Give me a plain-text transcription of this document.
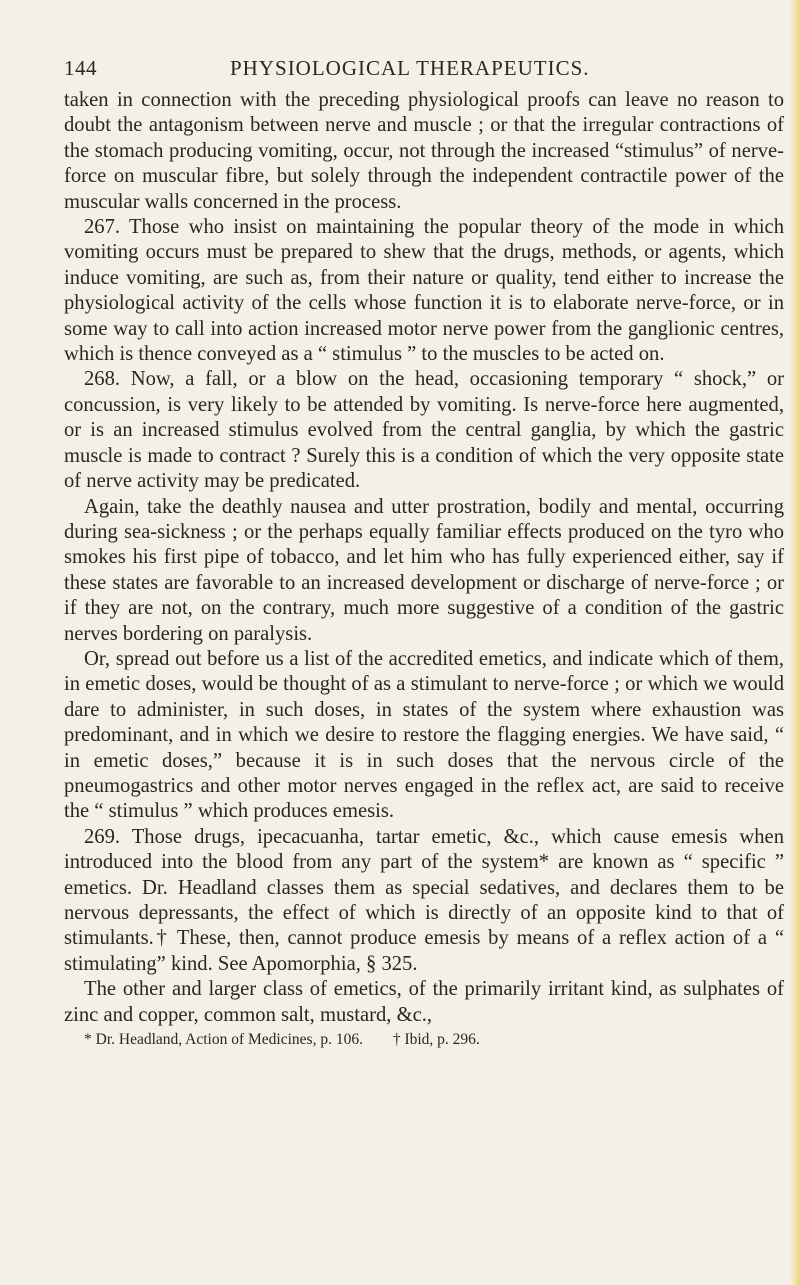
144	PHYSIOLOGICAL THERAPEUTICS.

taken in connection with the preceding physiological proofs can leave no reason to doubt the antagonism between nerve and muscle ; or that the irregular contractions of the stomach producing vomiting, occur, not through the increased “stimulus” of nerve-force on muscular fibre, but solely through the independent contractile power of the muscular walls concerned in the process.

267. Those who insist on maintaining the popular theory of the mode in which vomiting occurs must be prepared to shew that the drugs, methods, or agents, which induce vomiting, are such as, from their nature or quality, tend either to increase the physiological activity of the cells whose function it is to elaborate nerve-force, or in some way to call into action increased motor nerve power from the ganglionic centres, which is thence conveyed as a “ stimulus ” to the muscles to be acted on.

268. Now, a fall, or a blow on the head, occasioning temporary “ shock,” or concussion, is very likely to be attended by vomiting. Is nerve-force here augmented, or is an increased stimulus evolved from the central ganglia, by which the gastric muscle is made to contract ? Surely this is a condition of which the very opposite state of nerve activity may be predicated.

Again, take the deathly nausea and utter prostration, bodily and mental, occurring during sea-sickness ; or the perhaps equally familiar effects produced on the tyro who smokes his first pipe of tobacco, and let him who has fully experienced either, say if these states are favorable to an increased development or discharge of nerve-force ; or if they are not, on the contrary, much more suggestive of a condition of the gastric nerves bordering on paralysis.

Or, spread out before us a list of the accredited emetics, and indicate which of them, in emetic doses, would be thought of as a stimulant to nerve-force ; or which we would dare to administer, in such doses, in states of the system where exhaustion was predominant, and in which we desire to restore the flagging energies. We have said, “ in emetic doses,” because it is in such doses that the nervous circle of the pneumogastrics and other motor nerves engaged in the reflex act, are said to receive the “ stimulus ” which produces emesis.

269. Those drugs, ipecacuanha, tartar emetic, &c., which cause emesis when introduced into the blood from any part of the system* are known as “ specific ” emetics. Dr. Headland classes them as special sedatives, and declares them to be nervous depressants, the effect of which is directly of an opposite kind to that of stimulants.† These, then, cannot produce emesis by means of a reflex action of a “ stimulating” kind. See Apomorphia, § 325.

The other and larger class of emetics, of the primarily irritant kind, as sulphates of zinc and copper, common salt, mustard, &c.,

* Dr. Headland, Action of Medicines, p. 106. † Ibid, p. 296.
